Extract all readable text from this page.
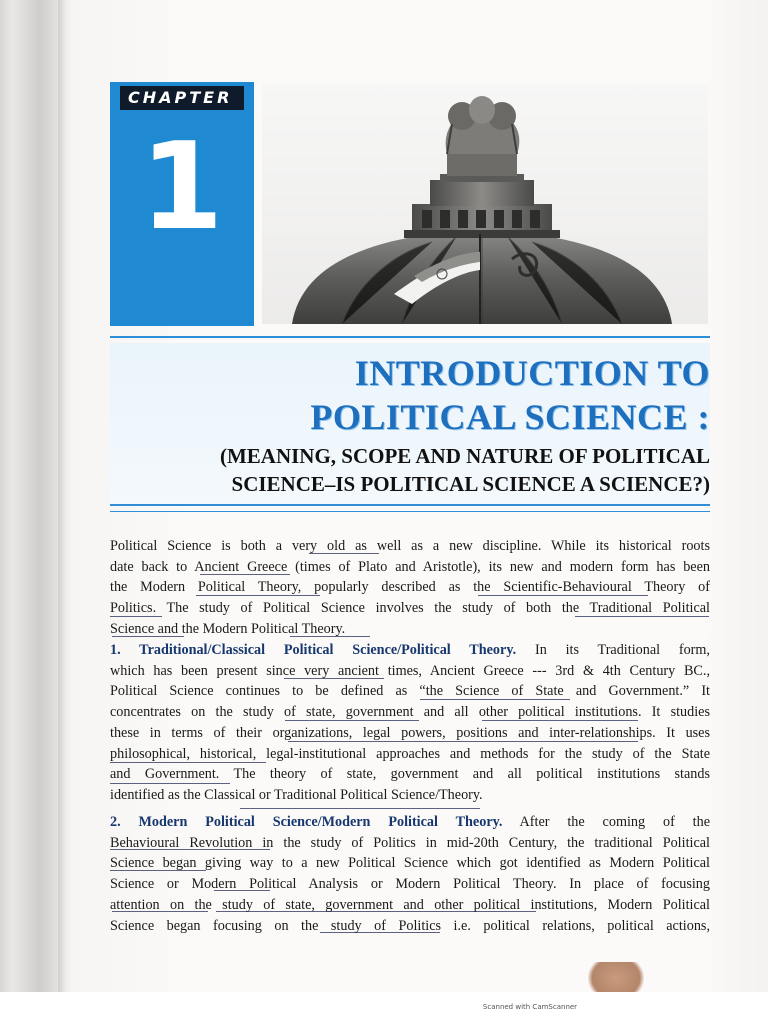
CHAPTER
1
INTRODUCTION TO
POLITICAL SCIENCE :
(MEANING, SCOPE AND NATURE OF POLITICAL
SCIENCE–IS POLITICAL SCIENCE A SCIENCE?)
Political Science is both a very old as well as a new discipline. While its historical roots
date back to Ancient Greece (times of Plato and Aristotle), its new and modern form has been
the Modern Political Theory, popularly described as the Scientific-Behavioural Theory of
Politics. The study of Political Science involves the study of both the Traditional Political
Science and the Modern Political Theory.
1. Traditional/Classical Political Science/Political Theory. In its Traditional form,
which has been present since very ancient times, Ancient Greece --- 3rd & 4th Century BC.,
Political Science continues to be defined as “the Science of State and Government.” It
concentrates on the study of state, government and all other political institutions. It studies
these in terms of their organizations, legal powers, positions and inter-relationships. It uses
philosophical, historical, legal-institutional approaches and methods for the study of the State
and Government. The theory of state, government and all political institutions stands
identified as the Classical or Traditional Political Science/Theory.
2. Modern Political Science/Modern Political Theory. After the coming of the
Behavioural Revolution in the study of Politics in mid-20th Century, the traditional Political
Science began giving way to a new Political Science which got identified as Modern Political
Science or Modern Political Analysis or Modern Political Theory. In place of focusing
attention on the study of state, government and other political institutions, Modern Political
Science began focusing on the study of Politics i.e. political relations, political actions,
Scanned with CamScanner
